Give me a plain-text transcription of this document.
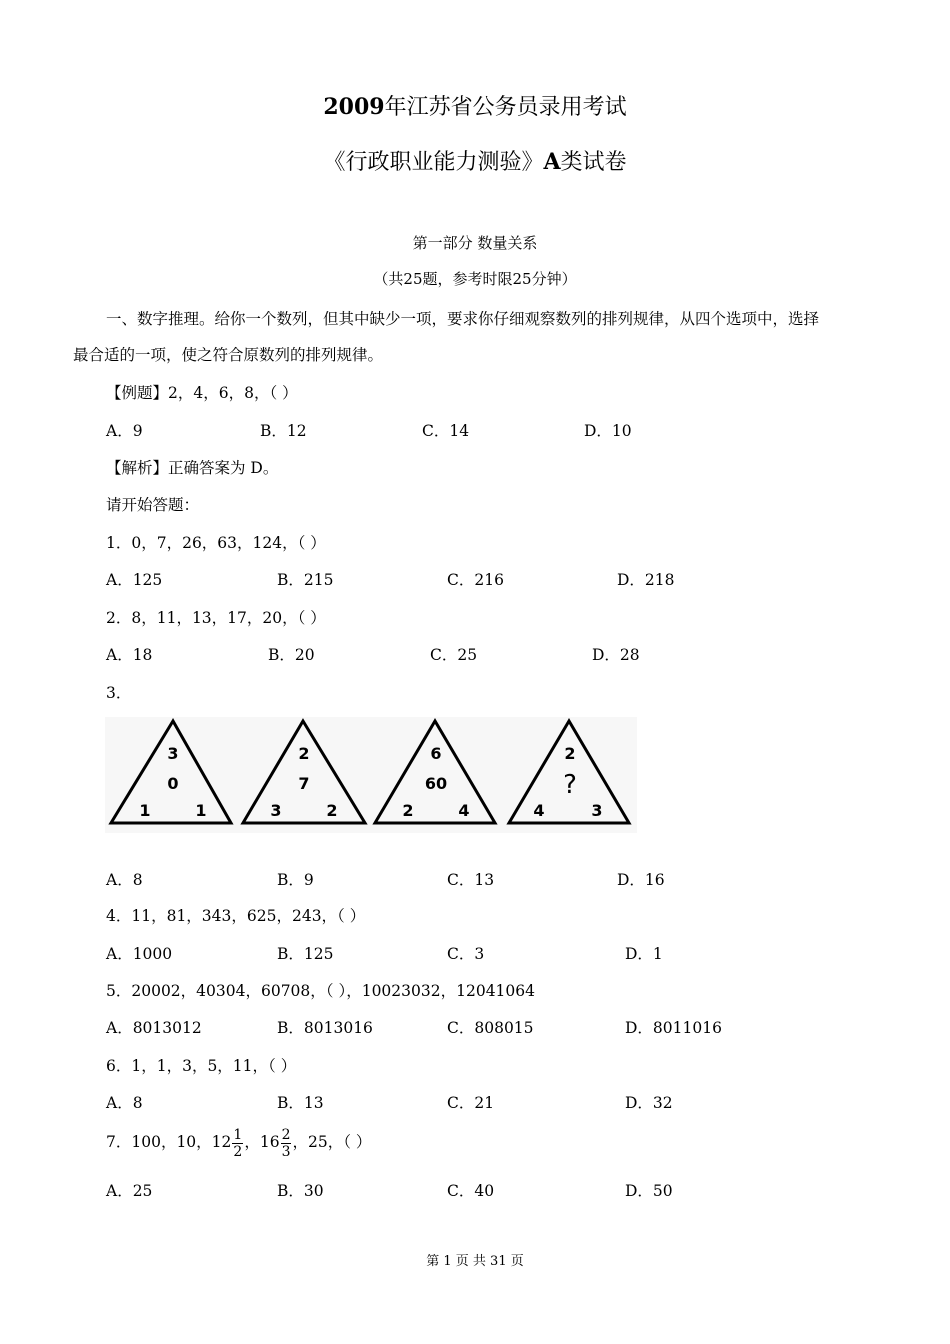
2009年江苏省公务员录用考试
《行政职业能力测验》A类试卷
第一部分 数量关系
（共25题，参考时限25分钟）
一、数字推理。给你一个数列，但其中缺少一项，要求你仔细观察数列的排列规律，从四个选项中，选择
最合适的一项，使之符合原数列的排列规律。
【例题】2，4，6，8，（ ）
A．9	B．12	C．14	D．10
【解析】正确答案为 D。
请开始答题：
1．0，7，26，63，124，（ ）
A．125	B．215	C．216	D．218
2．8，11，13，17，20，（ ）
A．18	B．20	C．25	D．28
3．
3
0
1	1
2
7
3	2
6
60
2	4
2
?
4	3
A．8	B．9	C．13	D．16
4．11，81，343，625，243，（ ）
A．1000	B．125	C．3	D．1
5．20002，40304，60708，（ ），10023032，12041064
A．8013012	B．8013016	C．808015	D．8011016
6．1，1，3，5，11，（ ）
A．8	B．13	C．21	D．32
7．100，10，$12 \frac{1}{2}$ ，$16 \frac{2}{3}$ ，25，（ ）
A．25	B．30	C．40	D．50
第 1 页 共 31 页
